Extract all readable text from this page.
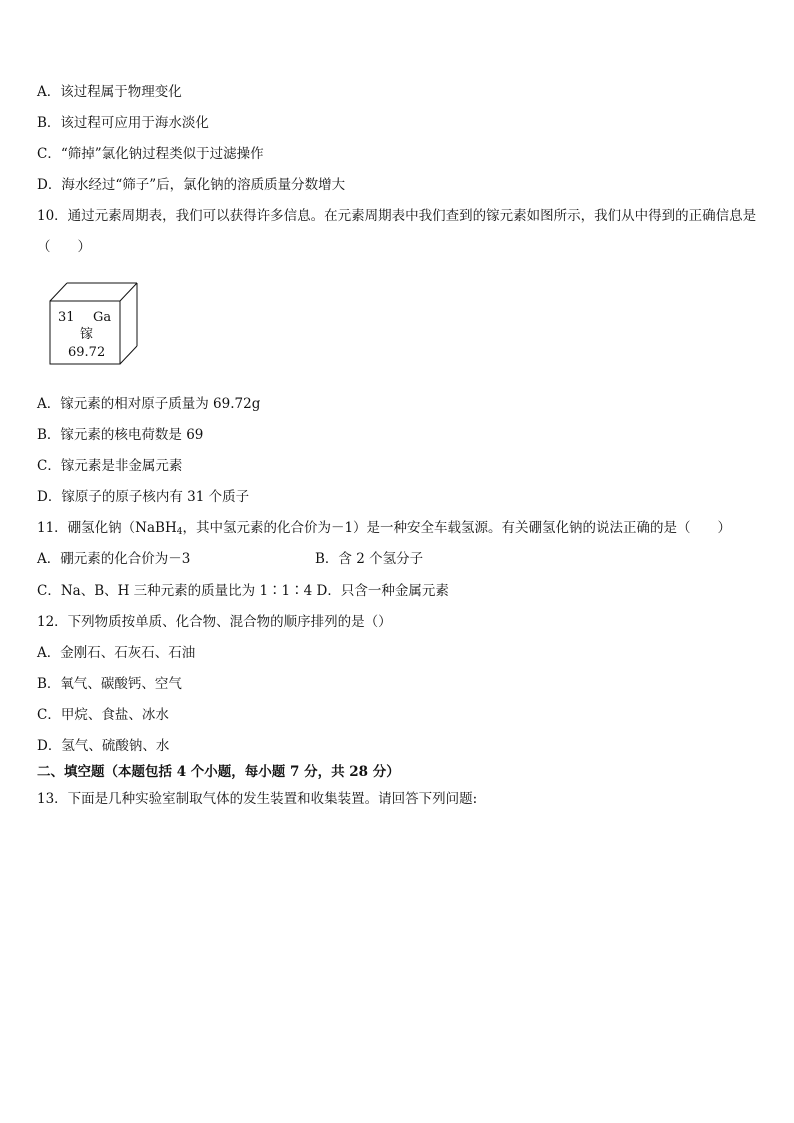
A．该过程属于物理变化
B．该过程可应用于海水淡化
C．“筛掉”氯化钠过程类似于过滤操作
D．海水经过“筛子”后，氯化钠的溶质质量分数增大
10．通过元素周期表，我们可以获得许多信息。在元素周期表中我们查到的镓元素如图所示，我们从中得到的正确信息是（　　）
31 Ga
镓
69.72
A．镓元素的相对原子质量为 69.72g
B．镓元素的核电荷数是 69
C．镓元素是非金属元素
D．镓原子的原子核内有 31 个质子
11．硼氢化钠（NaBH$_4$，其中氢元素的化合价为－1）是一种安全车载氢源。有关硼氢化钠的说法正确的是（　　）
A．硼元素的化合价为－3	B．含 2 个氢分子
C．Na、B、H 三种元素的质量比为 1∶1∶4 D．只含一种金属元素
12．下列物质按单质、化合物、混合物的顺序排列的是（）
A．金刚石、石灰石、石油
B．氧气、碳酸钙、空气
C．甲烷、食盐、冰水
D．氢气、硫酸钠、水
二、填空题（本题包括 4 个小题，每小题 7 分，共 28 分）
13．下面是几种实验室制取气体的发生装置和收集装置。请回答下列问题:
